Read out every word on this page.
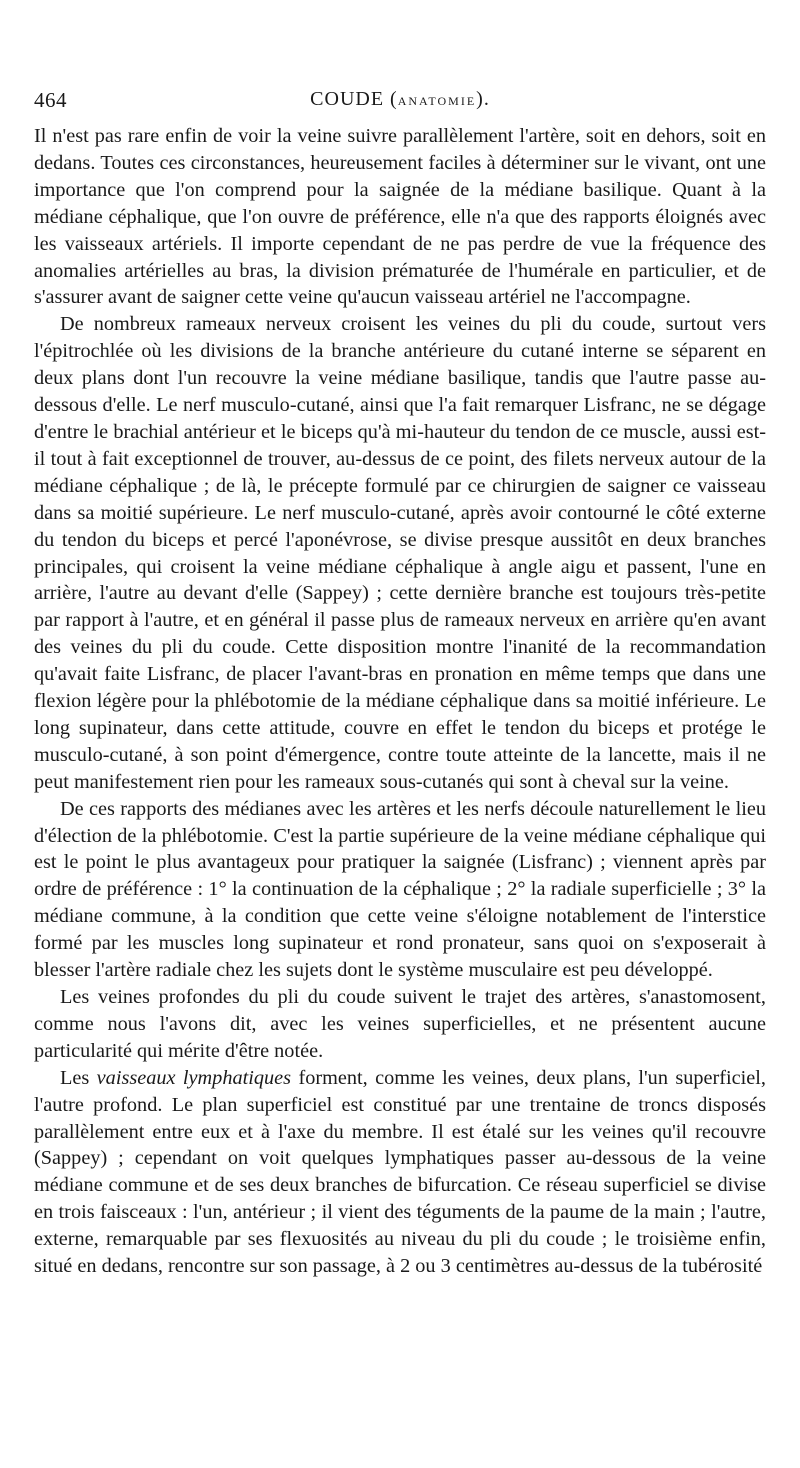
464	COUDE (ANATOMIE).

Il n'est pas rare enfin de voir la veine suivre parallèlement l'artère, soit en dehors, soit en dedans. Toutes ces circonstances, heureusement faciles à déterminer sur le vivant, ont une importance que l'on comprend pour la saignée de la médiane basilique. Quant à la médiane céphalique, que l'on ouvre de préférence, elle n'a que des rapports éloignés avec les vaisseaux artériels. Il importe cependant de ne pas perdre de vue la fréquence des anomalies artérielles au bras, la division prématurée de l'humérale en particulier, et de s'assurer avant de saigner cette veine qu'aucun vaisseau artériel ne l'accompagne.

De nombreux rameaux nerveux croisent les veines du pli du coude, surtout vers l'épitrochlée où les divisions de la branche antérieure du cutané interne se séparent en deux plans dont l'un recouvre la veine médiane basilique, tandis que l'autre passe au-dessous d'elle. Le nerf musculo-cutané, ainsi que l'a fait remarquer Lisfranc, ne se dégage d'entre le brachial antérieur et le biceps qu'à mi-hauteur du tendon de ce muscle, aussi est-il tout à fait exceptionnel de trouver, au-dessus de ce point, des filets nerveux autour de la médiane céphalique ; de là, le précepte formulé par ce chirurgien de saigner ce vaisseau dans sa moitié supérieure. Le nerf musculo-cutané, après avoir contourné le côté externe du tendon du biceps et percé l'aponévrose, se divise presque aussitôt en deux branches principales, qui croisent la veine médiane céphalique à angle aigu et passent, l'une en arrière, l'autre au devant d'elle (Sappey) ; cette dernière branche est toujours très-petite par rapport à l'autre, et en général il passe plus de rameaux nerveux en arrière qu'en avant des veines du pli du coude. Cette disposition montre l'inanité de la recommandation qu'avait faite Lisfranc, de placer l'avant-bras en pronation en même temps que dans une flexion légère pour la phlébotomie de la médiane céphalique dans sa moitié inférieure. Le long supinateur, dans cette attitude, couvre en effet le tendon du biceps et protége le musculo-cutané, à son point d'émergence, contre toute atteinte de la lancette, mais il ne peut manifestement rien pour les rameaux sous-cutanés qui sont à cheval sur la veine.

De ces rapports des médianes avec les artères et les nerfs découle naturellement le lieu d'élection de la phlébotomie. C'est la partie supérieure de la veine médiane céphalique qui est le point le plus avantageux pour pratiquer la saignée (Lisfranc) ; viennent après par ordre de préférence : 1° la continuation de la céphalique ; 2° la radiale superficielle ; 3° la médiane commune, à la condition que cette veine s'éloigne notablement de l'interstice formé par les muscles long supinateur et rond pronateur, sans quoi on s'exposerait à blesser l'artère radiale chez les sujets dont le système musculaire est peu développé.

Les veines profondes du pli du coude suivent le trajet des artères, s'anastomosent, comme nous l'avons dit, avec les veines superficielles, et ne présentent aucune particularité qui mérite d'être notée.

Les vaisseaux lymphatiques forment, comme les veines, deux plans, l'un superficiel, l'autre profond. Le plan superficiel est constitué par une trentaine de troncs disposés parallèlement entre eux et à l'axe du membre. Il est étalé sur les veines qu'il recouvre (Sappey) ; cependant on voit quelques lymphatiques passer au-dessous de la veine médiane commune et de ses deux branches de bifurcation. Ce réseau superficiel se divise en trois faisceaux : l'un, antérieur ; il vient des téguments de la paume de la main ; l'autre, externe, remarquable par ses flexuosités au niveau du pli du coude ; le troisième enfin, situé en dedans, rencontre sur son passage, à 2 ou 3 centimètres au-dessus de la tubérosité
